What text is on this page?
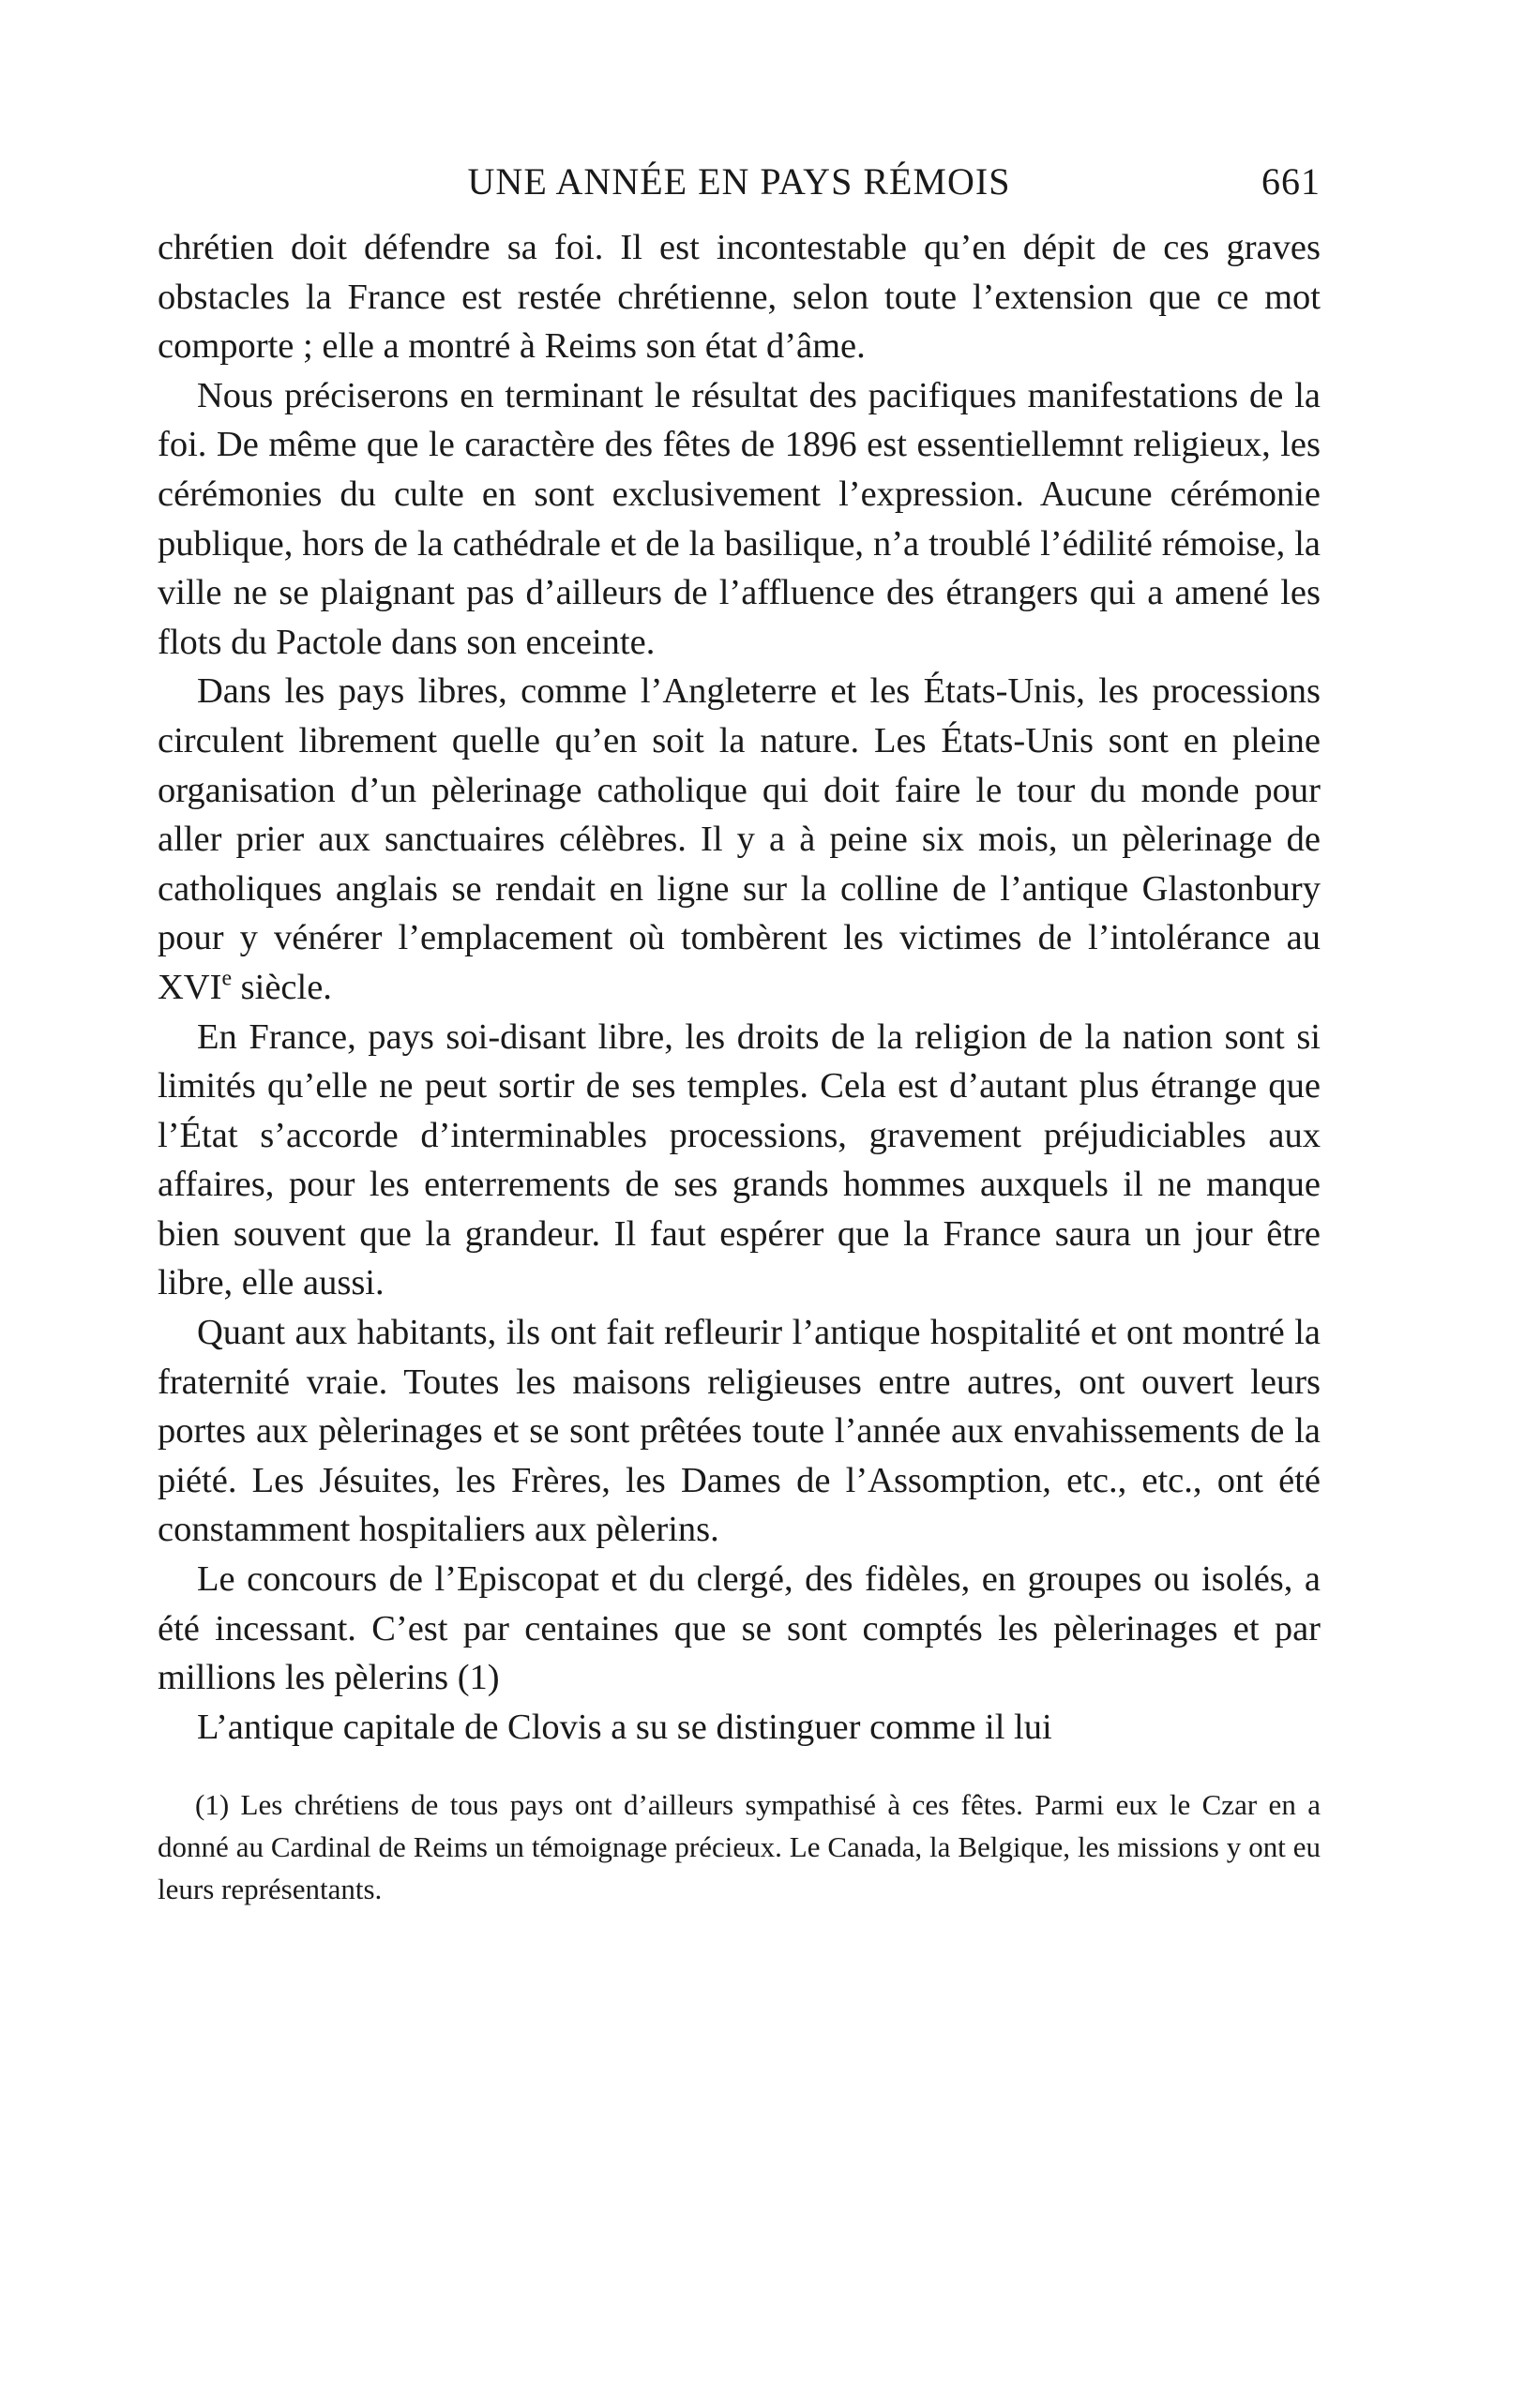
UNE ANNÉE EN PAYS RÉMOIS	661

chrétien doit défendre sa foi. Il est incontestable qu’en dépit de ces graves obstacles la France est restée chrétienne, selon toute l’extension que ce mot comporte ; elle a montré à Reims son état d’âme.

Nous préciserons en terminant le résultat des pacifiques manifestations de la foi. De même que le caractère des fêtes de 1896 est essentiellemnt religieux, les cérémonies du culte en sont exclusivement l’expression. Aucune cérémonie publique, hors de la cathédrale et de la basilique, n’a troublé l’édilité rémoise, la ville ne se plaignant pas d’ailleurs de l’affluence des étrangers qui a amené les flots du Pactole dans son enceinte.

Dans les pays libres, comme l’Angleterre et les États-Unis, les processions circulent librement quelle qu’en soit la nature. Les États-Unis sont en pleine organisation d’un pèlerinage catholique qui doit faire le tour du monde pour aller prier aux sanctuaires célèbres. Il y a à peine six mois, un pèlerinage de catholiques anglais se rendait en ligne sur la colline de l’antique Glastonbury pour y vénérer l’emplacement où tombèrent les victimes de l’intolérance au XVIe siècle.

En France, pays soi-disant libre, les droits de la religion de la nation sont si limités qu’elle ne peut sortir de ses temples. Cela est d’autant plus étrange que l’État s’accorde d’interminables processions, gravement préjudiciables aux affaires, pour les enterrements de ses grands hommes auxquels il ne manque bien souvent que la grandeur. Il faut espérer que la France saura un jour être libre, elle aussi.

Quant aux habitants, ils ont fait refleurir l’antique hospitalité et ont montré la fraternité vraie. Toutes les maisons religieuses entre autres, ont ouvert leurs portes aux pèlerinages et se sont prêtées toute l’année aux envahissements de la piété. Les Jésuites, les Frères, les Dames de l’Assomption, etc., etc., ont été constamment hospitaliers aux pèlerins.

Le concours de l’Episcopat et du clergé, des fidèles, en groupes ou isolés, a été incessant. C’est par centaines que se sont comptés les pèlerinages et par millions les pèlerins (1)

L’antique capitale de Clovis a su se distinguer comme il lui

(1) Les chrétiens de tous pays ont d’ailleurs sympathisé à ces fêtes. Parmi eux le Czar en a donné au Cardinal de Reims un témoignage précieux. Le Canada, la Belgique, les missions y ont eu leurs représentants.
